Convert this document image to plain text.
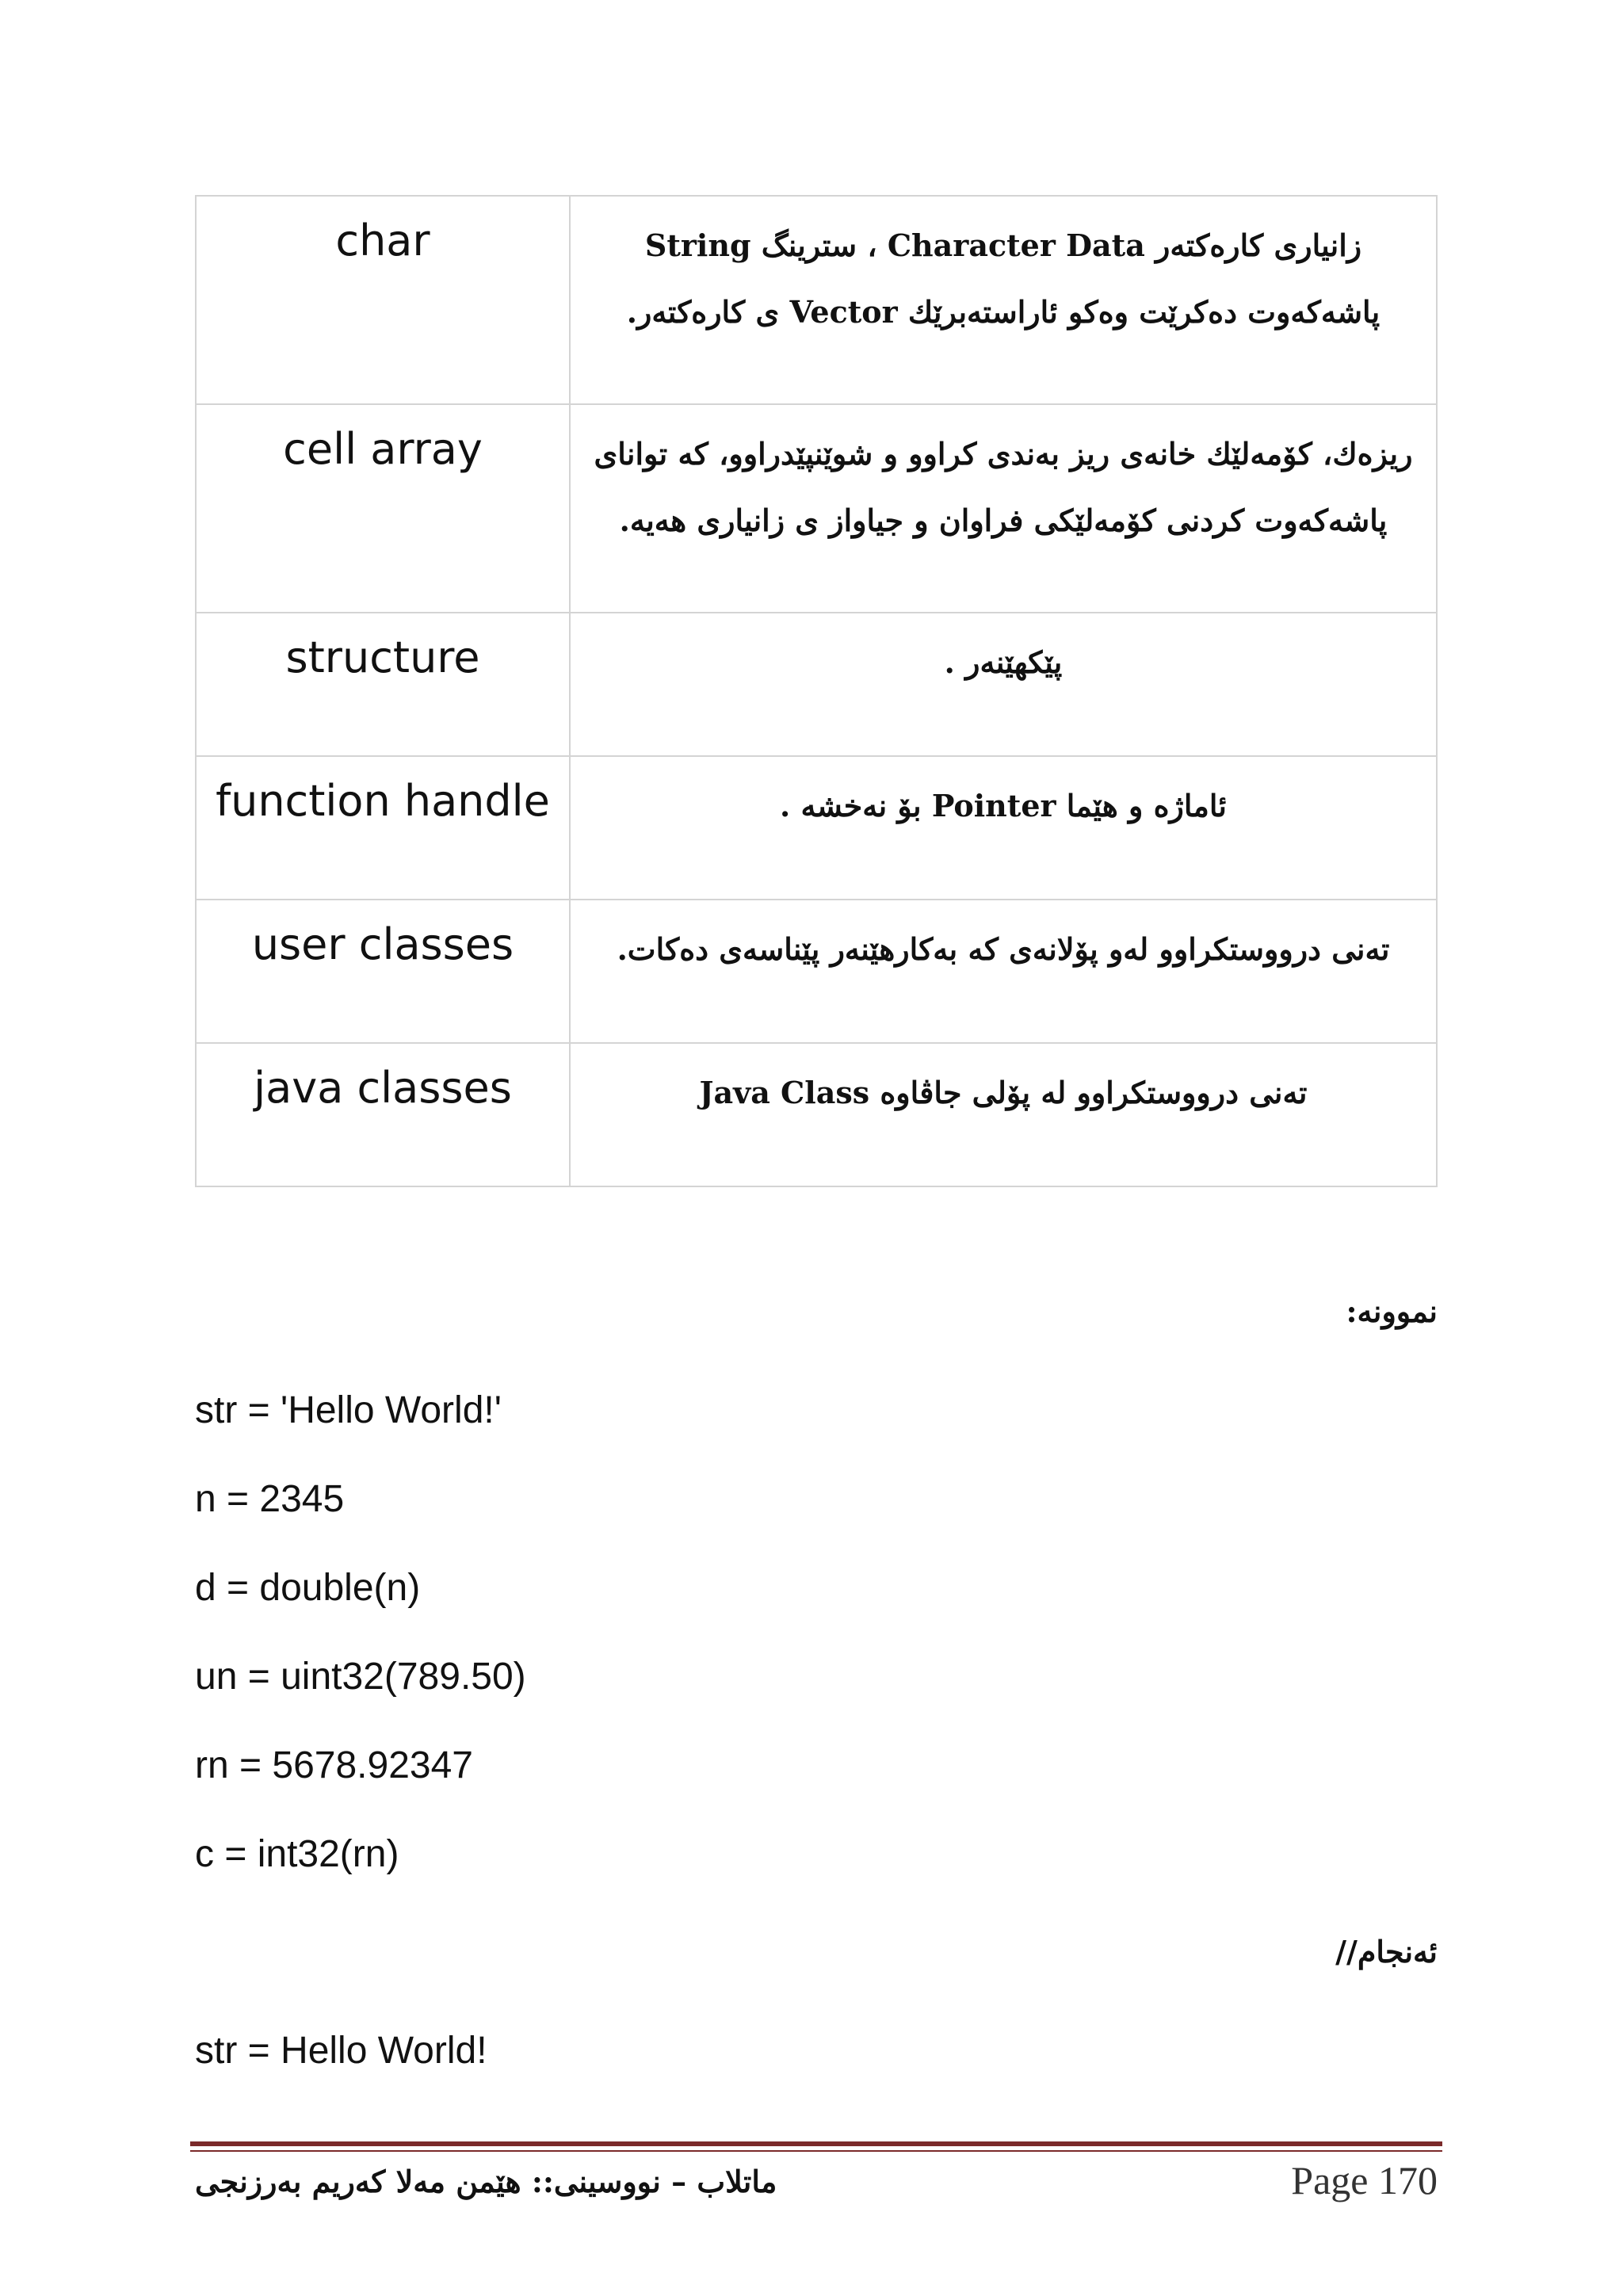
char	زانیاری کارەکتەر Character Data ، سترینگ String
پاشەکەوت دەکرێت وەکو ئاراستەبرێك Vector ی کارەکتەر.

cell array	ریزەك، کۆمەلێك خانەی ریز بەندی کراوو و شوێنپێدراوو، کە توانای
پاشەکەوت کردنی کۆمەلێکی فراوان و جیاواز ی زانیاری هەیە.

structure	پێکهێنەر .

function handle	ئاماژە و هێما Pointer بۆ نەخشە .

user classes	تەنی درووستکراوو لەو پۆلانەی کە بەکارهێنەر پێناسەی دەکات.

java classes	تەنی درووستکراوو لە پۆلی جاڤاوە Java Class
نموونە:
str = 'Hello World!'
n = 2345
d = double(n)
un = uint32(789.50)
rn = 5678.92347
c = int32(rn)
ئەنجام//
str = Hello World!
ماتلاب – نووسینی:: هێمن مەلا کەریم بەرزنجی	Page 170
